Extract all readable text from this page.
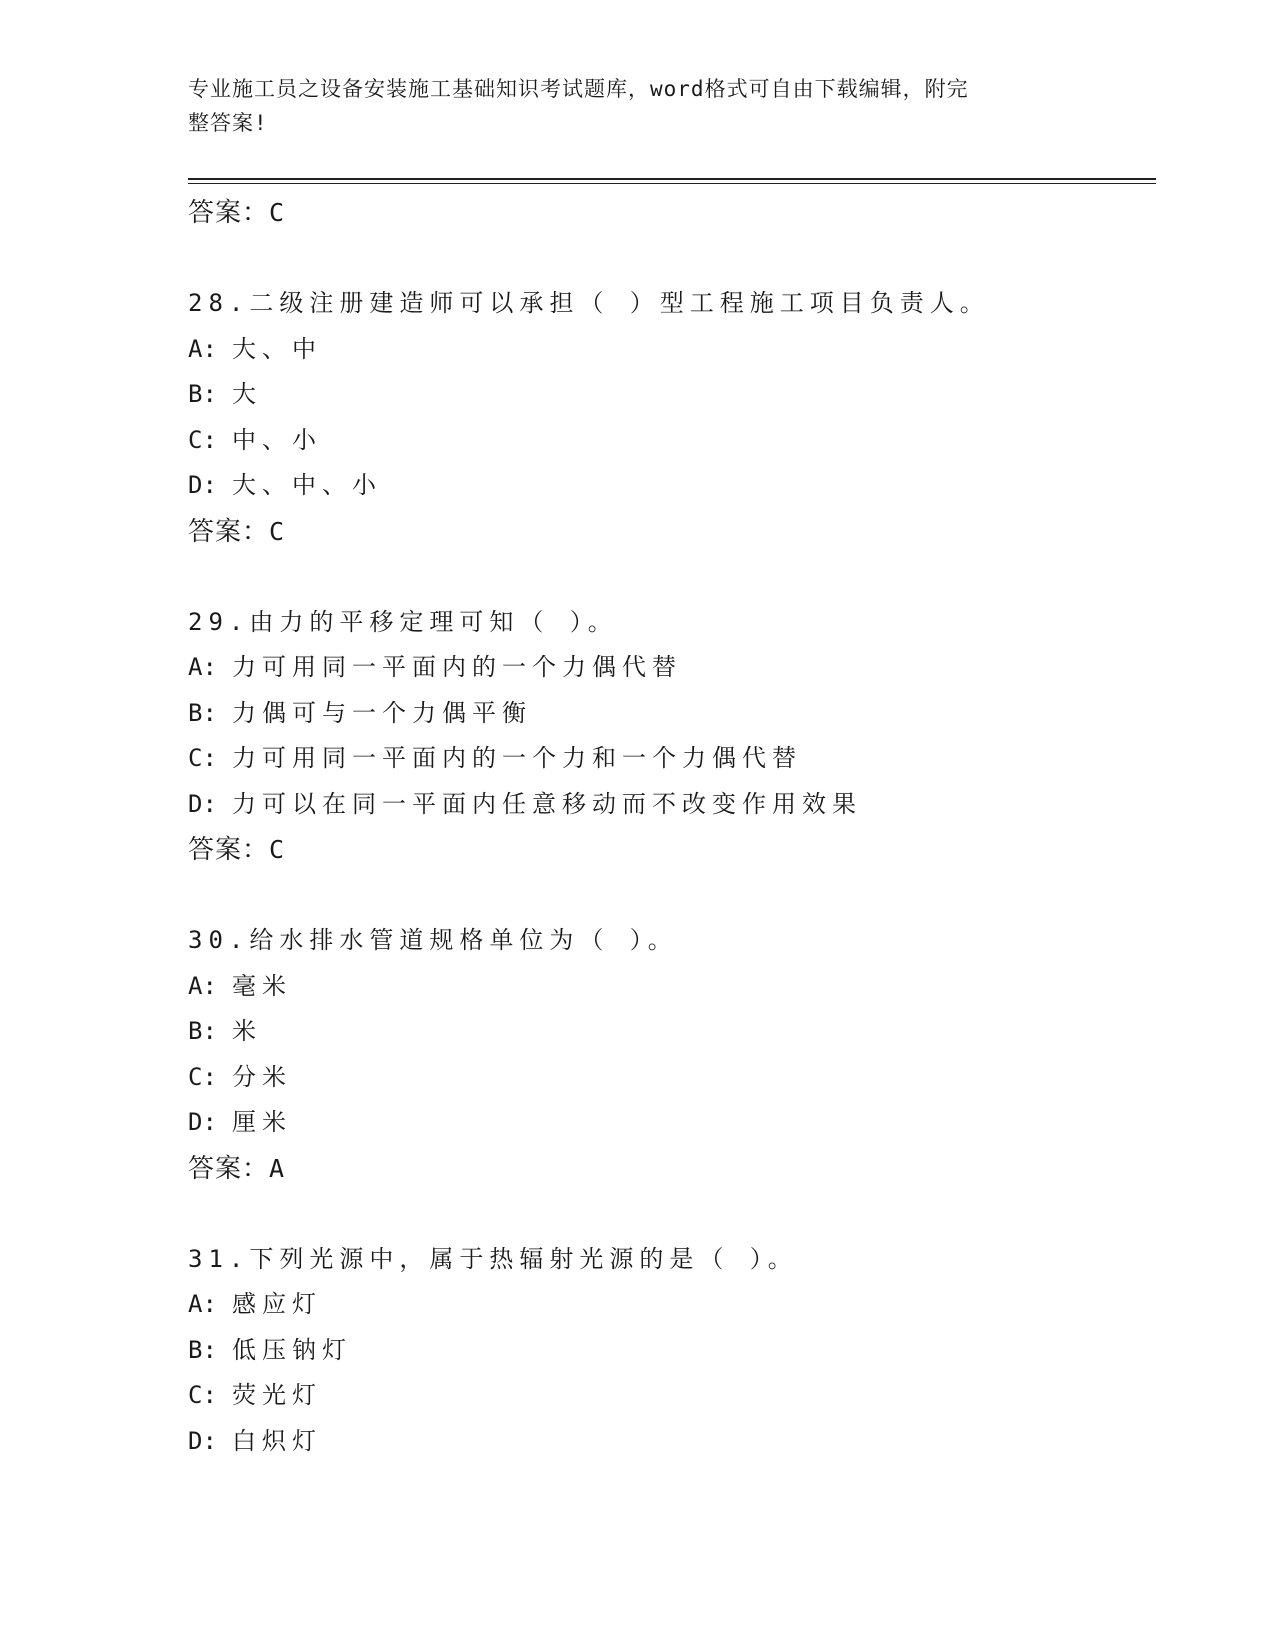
专业施工员之设备安装施工基础知识考试题库，word格式可自由下载编辑，附完
整答案!
答案：C
28.二级注册建造师可以承担（ ）型工程施工项目负责人。
A: 大、中
B: 大
C: 中、小
D: 大、中、小
答案：C
29.由力的平移定理可知（ ）。
A: 力可用同一平面内的一个力偶代替
B: 力偶可与一个力偶平衡
C: 力可用同一平面内的一个力和一个力偶代替
D: 力可以在同一平面内任意移动而不改变作用效果
答案：C
30.给水排水管道规格单位为（ ）。
A: 毫米
B: 米
C: 分米
D: 厘米
答案：A
31.下列光源中，属于热辐射光源的是（ ）。
A: 感应灯
B: 低压钠灯
C: 荧光灯
D: 白炽灯
